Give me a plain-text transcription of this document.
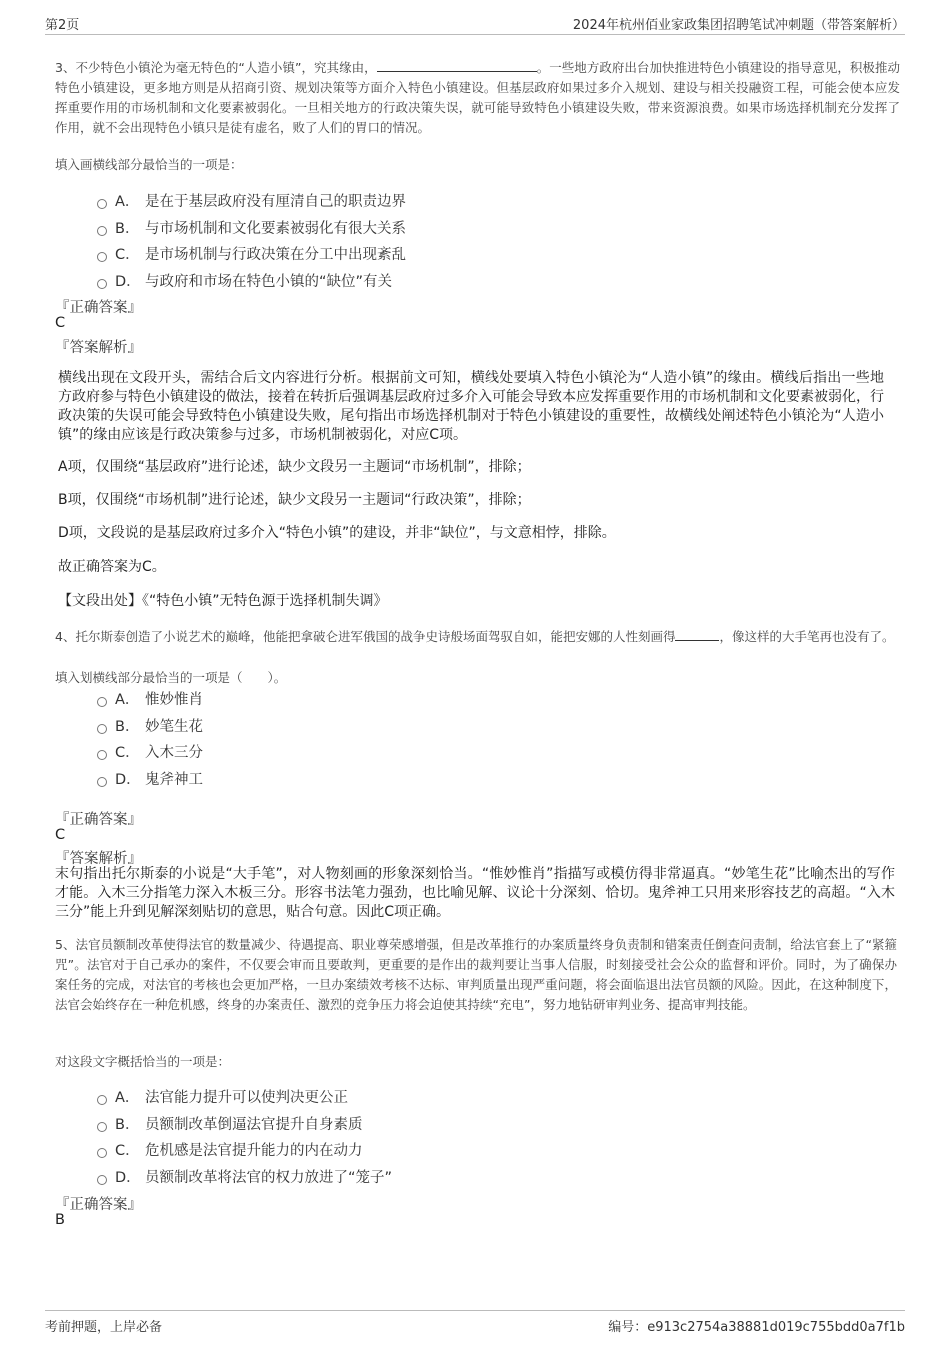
第2页	2024年杭州佰业家政集团招聘笔试冲刺题（带答案解析）
3、不少特色小镇沦为毫无特色的“人造小镇”，究其缘由，	。一些地方政府出台加快推进特色小镇建设的指导意见，积极推动特色小镇建设，更多地方则是从招商引资、规划决策等方面介入特色小镇建设。但基层政府如果过多介入规划、建设与相关投融资工程，可能会使本应发挥重要作用的市场机制和文化要素被弱化。一旦相关地方的行政决策失误，就可能导致特色小镇建设失败，带来资源浪费。如果市场选择机制充分发挥了作用，就不会出现特色小镇只是徒有虚名，败了人们的胃口的情况。
填入画横线部分最恰当的一项是：
A． 是在于基层政府没有厘清自己的职责边界
B． 与市场机制和文化要素被弱化有很大关系
C． 是市场机制与行政决策在分工中出现紊乱
D． 与政府和市场在特色小镇的“缺位”有关
『正确答案』
C
『答案解析』
横线出现在文段开头，需结合后文内容进行分析。根据前文可知，横线处要填入特色小镇沦为“人造小镇”的缘由。横线后指出一些地方政府参与特色小镇建设的做法，接着在转折后强调基层政府过多介入可能会导致本应发挥重要作用的市场机制和文化要素被弱化，行政决策的失误可能会导致特色小镇建设失败，尾句指出市场选择机制对于特色小镇建设的重要性，故横线处阐述特色小镇沦为“人造小镇”的缘由应该是行政决策参与过多，市场机制被弱化，对应C项。
A项，仅围绕“基层政府”进行论述，缺少文段另一主题词“市场机制”，排除；
B项，仅围绕“市场机制”进行论述，缺少文段另一主题词“行政决策”，排除；
D项，文段说的是基层政府过多介入“特色小镇”的建设，并非“缺位”，与文意相悖，排除。
故正确答案为C。
【文段出处】《“特色小镇”无特色源于选择机制失调》
4、托尔斯泰创造了小说艺术的巅峰，他能把拿破仑进军俄国的战争史诗般场面驾驭自如，能把安娜的人性刻画得	，像这样的大手笔再也没有了。
填入划横线部分最恰当的一项是（　　）。
A． 惟妙惟肖
B． 妙笔生花
C． 入木三分
D． 鬼斧神工
『正确答案』
C
『答案解析』
末句指出托尔斯泰的小说是“大手笔”，对人物刻画的形象深刻恰当。“惟妙惟肖”指描写或模仿得非常逼真。“妙笔生花”比喻杰出的写作才能。入木三分指笔力深入木板三分。形容书法笔力强劲，也比喻见解、议论十分深刻、恰切。鬼斧神工只用来形容技艺的高超。“入木三分”能上升到见解深刻贴切的意思，贴合句意。因此C项正确。
5、法官员额制改革使得法官的数量减少、待遇提高、职业尊荣感增强，但是改革推行的办案质量终身负责制和错案责任倒查问责制，给法官套上了“紧箍咒”。法官对于自己承办的案件，不仅要会审而且要敢判，更重要的是作出的裁判要让当事人信服，时刻接受社会公众的监督和评价。同时，为了确保办案任务的完成，对法官的考核也会更加严格，一旦办案绩效考核不达标、审判质量出现严重问题，将会面临退出法官员额的风险。因此，在这种制度下，法官会始终存在一种危机感，终身的办案责任、激烈的竞争压力将会迫使其持续“充电”，努力地钻研审判业务、提高审判技能。
对这段文字概括恰当的一项是：
A． 法官能力提升可以使判决更公正
B． 员额制改革倒逼法官提升自身素质
C． 危机感是法官提升能力的内在动力
D． 员额制改革将法官的权力放进了“笼子”
『正确答案』
B
考前押题，上岸必备	编号：e913c2754a38881d019c755bdd0a7f1b
